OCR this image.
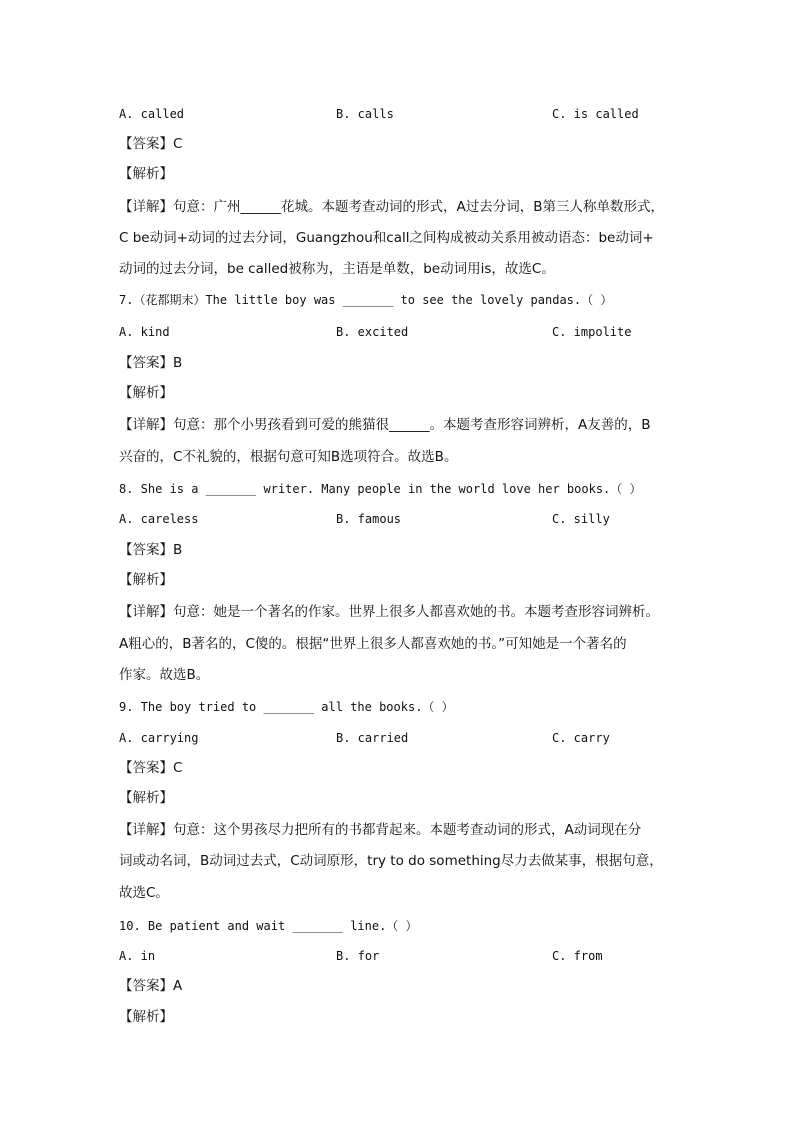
A. called	B. calls	C. is called
【答案】C
【解析】
【详解】句意：广州______花城。本题考查动词的形式，A过去分词，B第三人称单数形式，
C be动词+动词的过去分词，Guangzhou和call之间构成被动关系用被动语态：be动词+
动词的过去分词，be called被称为，主语是单数，be动词用is，故选C。
7.（花都期末）The little boy was _______ to see the lovely pandas.（ ）
A. kind	B. excited	C. impolite
【答案】B
【解析】
【详解】句意：那个小男孩看到可爱的熊猫很______。本题考查形容词辨析，A友善的，B
兴奋的，C不礼貌的，根据句意可知B选项符合。故选B。
8. She is a _______ writer. Many people in the world love her books.（ ）
A. careless	B. famous	C. silly
【答案】B
【解析】
【详解】句意：她是一个著名的作家。世界上很多人都喜欢她的书。本题考查形容词辨析。
A粗心的，B著名的，C傻的。根据“世界上很多人都喜欢她的书。”可知她是一个著名的
作家。故选B。
9. The boy tried to _______ all the books.（ ）
A. carrying	B. carried	C. carry
【答案】C
【解析】
【详解】句意：这个男孩尽力把所有的书都背起来。本题考查动词的形式，A动词现在分
词或动名词，B动词过去式，C动词原形，try to do something尽力去做某事，根据句意，
故选C。
10. Be patient and wait _______ line.（ ）
A. in	B. for	C. from
【答案】A
【解析】
